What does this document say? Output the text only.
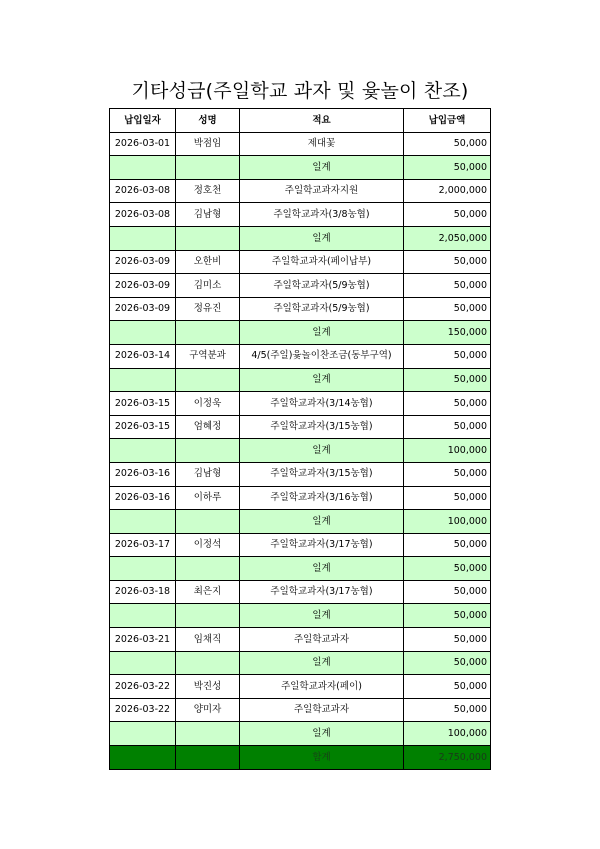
기타성금(주일학교 과자 및 윷놀이 찬조)
납입일자	성명	적요	납입금액
2026-03-01	박점임	제대꽃	50,000
		일계	50,000
2026-03-08	정호천	주일학교과자지원	2,000,000
2026-03-08	김남형	주일학교과자(3/8농협)	50,000
		일계	2,050,000
2026-03-09	오한비	주일학교과자(페이납부)	50,000
2026-03-09	김미소	주일학교과자(5/9농협)	50,000
2026-03-09	정유진	주일학교과자(5/9농협)	50,000
		일계	150,000
2026-03-14	구역분과	4/5(주일)윷놀이찬조금(동부구역)	50,000
		일계	50,000
2026-03-15	이정욱	주일학교과자(3/14농협)	50,000
2026-03-15	엄혜정	주일학교과자(3/15농협)	50,000
		일계	100,000
2026-03-16	김남형	주일학교과자(3/15농협)	50,000
2026-03-16	이하루	주일학교과자(3/16농협)	50,000
		일계	100,000
2026-03-17	이정석	주일학교과자(3/17농협)	50,000
		일계	50,000
2026-03-18	최은지	주일학교과자(3/17농협)	50,000
		일계	50,000
2026-03-21	임채직	주일학교과자	50,000
		일계	50,000
2026-03-22	박진성	주일학교과자(페이)	50,000
2026-03-22	양미자	주일학교과자	50,000
		일계	100,000
		합계	2,750,000
